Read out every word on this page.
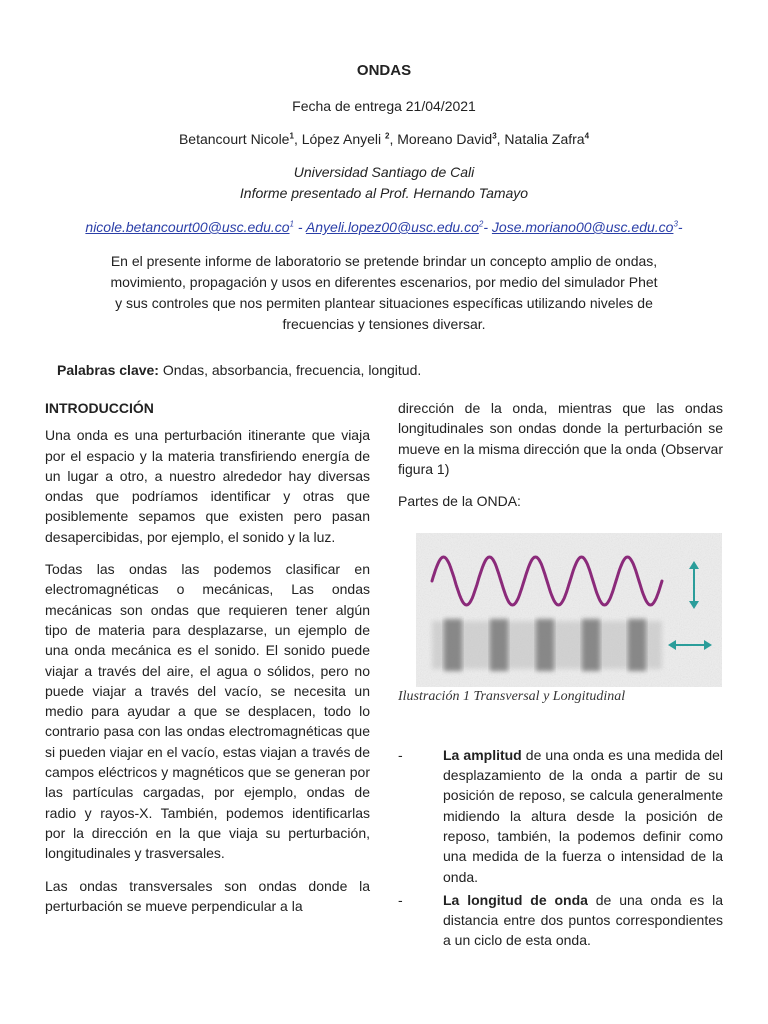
ONDAS
Fecha de entrega 21/04/2021
Betancourt Nicole$^1$, López Anyeli $^2$, Moreano David$^3$, Natalia Zafra$^4$
Universidad Santiago de Cali
Informe presentado al Prof. Hernando Tamayo
$nicole.betancourt00@usc.edu.co^1$ - $Anyeli.lopez00@usc.edu.co^2-$ $Jose.moriano00@usc.edu.co^3-$
En el presente informe de laboratorio se pretende brindar un concepto amplio de ondas, movimiento, propagación y usos en diferentes escenarios, por medio del simulador Phet y sus controles que nos permiten plantear situaciones específicas utilizando niveles de frecuencias y tensiones diversar.
Palabras clave: Ondas, absorbancia, frecuencia, longitud.

INTRODUCCIÓN

Una onda es una perturbación itinerante que viaja por el espacio y la materia transfiriendo energía de un lugar a otro, a nuestro alrededor hay diversas ondas que podríamos identificar y otras que posiblemente sepamos que existen pero pasan desapercibidas, por ejemplo, el sonido y la luz.

Todas las ondas las podemos clasificar en electromagnéticas o mecánicas, Las ondas mecánicas son ondas que requieren tener algún tipo de materia para desplazarse, un ejemplo de una onda mecánica es el sonido. El sonido puede viajar a través del aire, el agua o sólidos, pero no puede viajar a través del vacío, se necesita un medio para ayudar a que se desplacen, todo lo contrario pasa con las ondas electromagnéticas que si pueden viajar en el vacío, estas viajan a través de campos eléctricos y magnéticos que se generan por las partículas cargadas, por ejemplo, ondas de radio y rayos-X. También, podemos identificarlas por la dirección en la que viaja su perturbación, longitudinales y trasversales.

Las ondas transversales son ondas donde la perturbación se mueve perpendicular a la

dirección de la onda, mientras que las ondas longitudinales son ondas donde la perturbación se mueve en la misma dirección que la onda (Observar figura 1)

Partes de la ONDA:

Ilustración 1 Transversal y Longitudinal

-	La amplitud de una onda es una medida del desplazamiento de la onda a partir de su posición de reposo, se calcula generalmente midiendo la altura desde la posición de reposo, también, la podemos definir como una medida de la fuerza o intensidad de la onda.
-	La longitud de onda de una onda es la distancia entre dos puntos correspondientes a un ciclo de esta onda.
